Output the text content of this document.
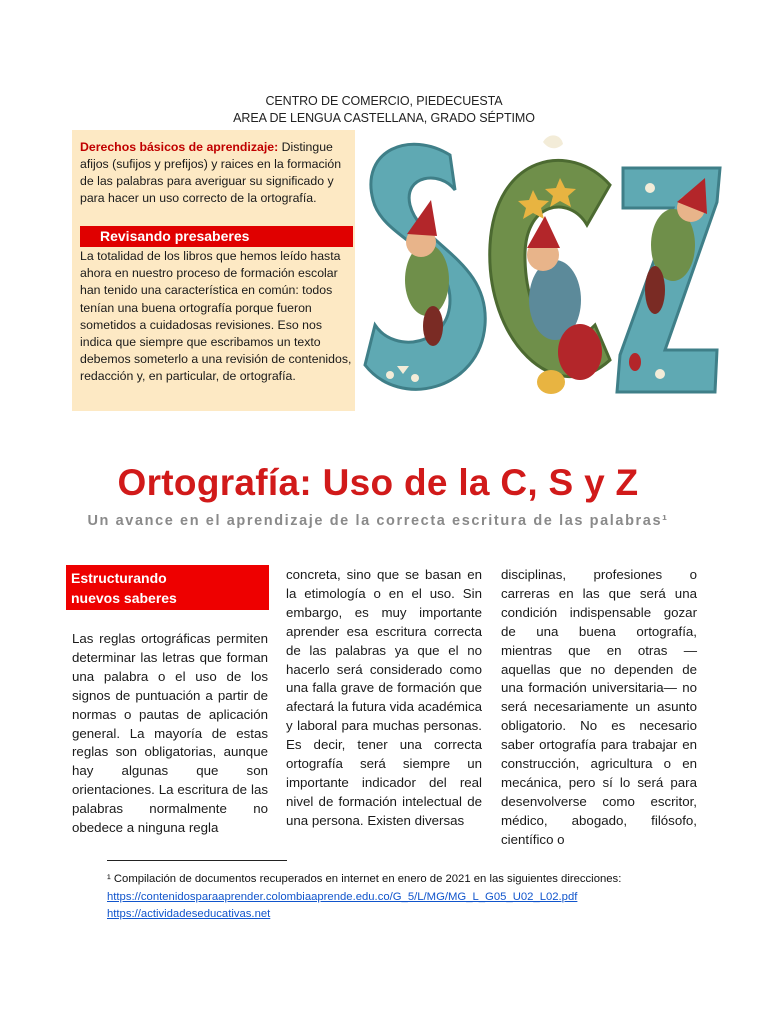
CENTRO DE COMERCIO, PIEDECUESTA
AREA DE LENGUA CASTELLANA, GRADO SÉPTIMO
Derechos básicos de aprendizaje: Distingue afijos (sufijos y prefijos) y raices en la formación de las palabras para averiguar su significado y para hacer un uso correcto de la ortografía.
Revisando presaberes
La totalidad de los libros que hemos leído hasta ahora en nuestro proceso de formación escolar han tenido una característica en común: todos tenían una buena ortografía porque fueron sometidos a cuidadosas revisiones. Eso nos indica que siempre que escribamos un texto debemos someterlo a una revisión de contenidos, redacción y, en particular, de ortografía.
Ortografía: Uso de la C, S y Z
Un avance en el aprendizaje de la correcta escritura de las palabras¹
Estructurando
nuevos saberes
Las reglas ortográficas permiten determinar las letras que forman una palabra o el uso de los signos de puntuación a partir de normas o pautas de aplicación general. La mayoría de estas reglas son obligatorias, aunque hay algunas que son orientaciones. La escritura de las palabras normalmente no obedece a ninguna regla
concreta, sino que se basan en la etimología o en el uso. Sin embargo, es muy importante aprender esa escritura correcta de las palabras ya que el no hacerlo será considerado como una falla grave de formación que afectará la futura vida académica y laboral para muchas personas. Es decir, tener una correcta ortografía será siempre un importante indicador del real nivel de formación intelectual de una persona. Existen diversas
disciplinas, profesiones o carreras en las que será una condición indispensable gozar de una buena ortografía, mientras que en otras — aquellas que no dependen de una formación universitaria— no será necesariamente un asunto obligatorio. No es necesario saber ortografía para trabajar en construcción, agricultura o en mecánica, pero sí lo será para desenvolverse como escritor, médico, abogado, filósofo, científico o
¹ Compilación de documentos recuperados en internet en enero de 2021 en las siguientes direcciones:
https://contenidosparaaprender.colombiaaprende.edu.co/G_5/L/MG/MG_L_G05_U02_L02.pdf
https://actividadeseducativas.net
